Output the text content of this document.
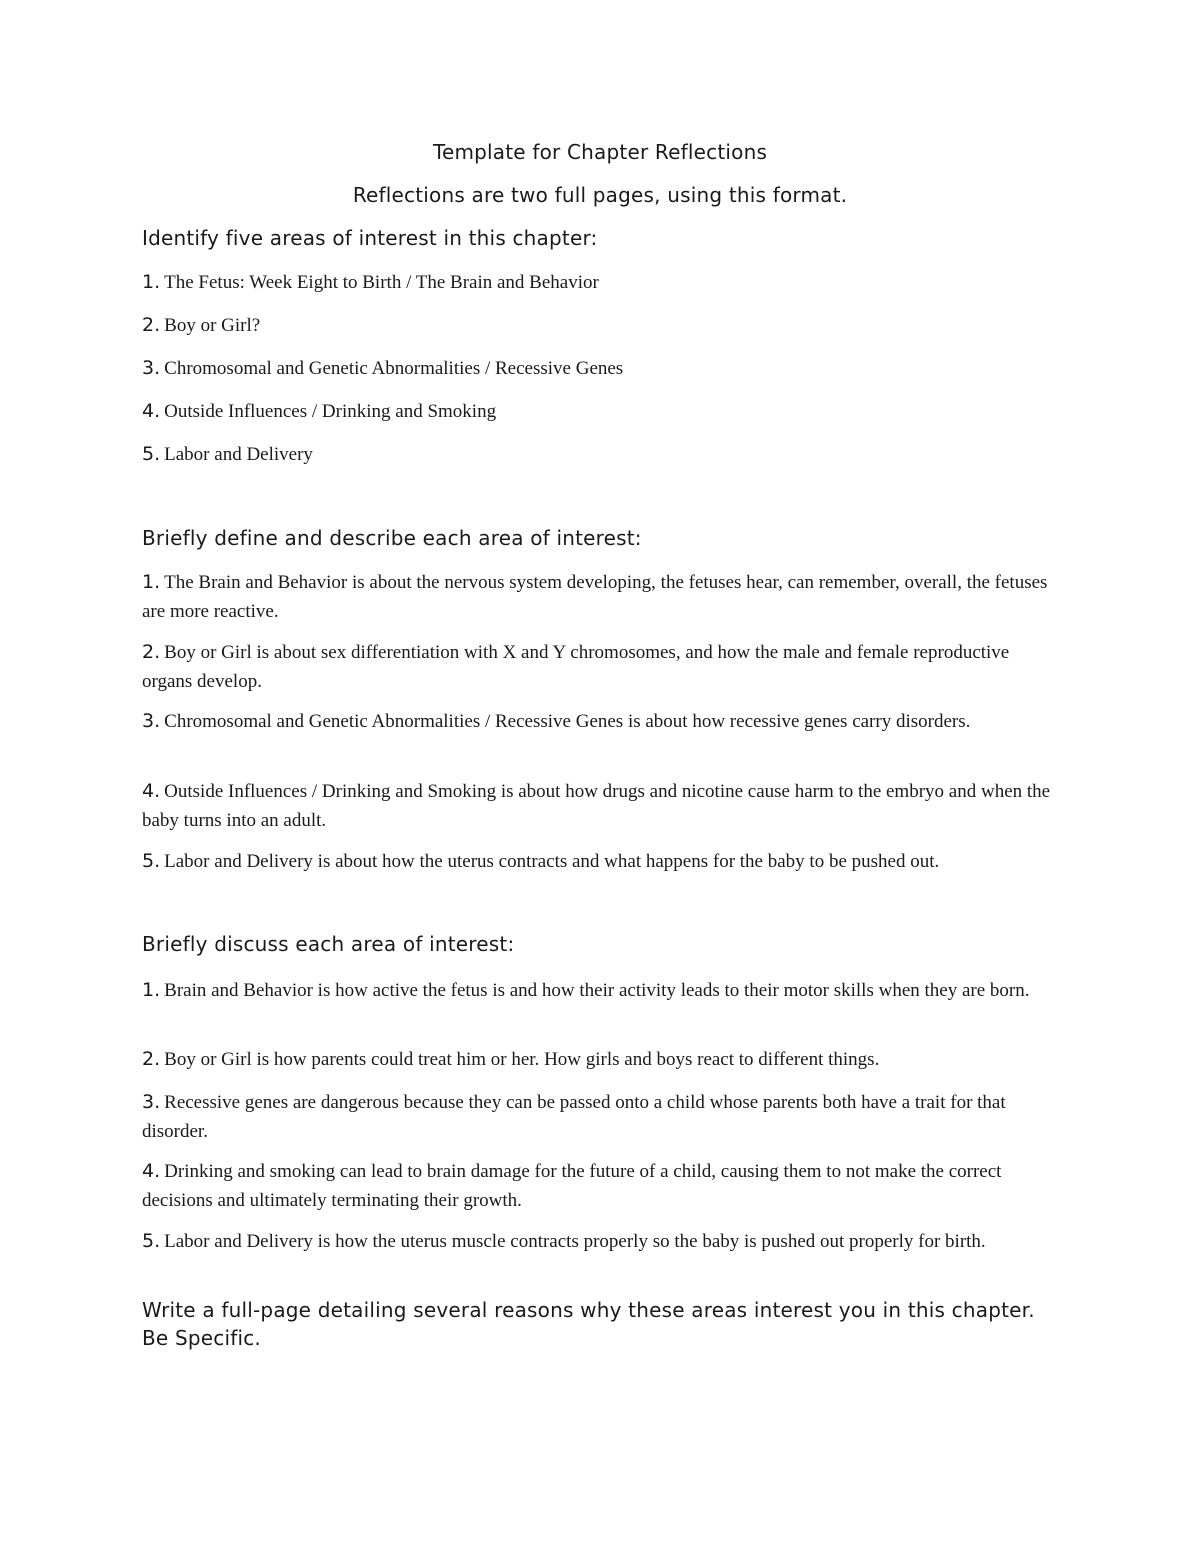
Template for Chapter Reflections
Reflections are two full pages, using this format.
Identify five areas of interest in this chapter:
1. The Fetus: Week Eight to Birth / The Brain and Behavior
2. Boy or Girl?
3. Chromosomal and Genetic Abnormalities / Recessive Genes
4. Outside Influences / Drinking and Smoking
5. Labor and Delivery
Briefly define and describe each area of interest:
1. The Brain and Behavior is about the nervous system developing, the fetuses hear, can remember, overall, the fetuses are more reactive.
2. Boy or Girl is about sex differentiation with X and Y chromosomes, and how the male and female reproductive organs develop.
3. Chromosomal and Genetic Abnormalities / Recessive Genes is about how recessive genes carry disorders.
4. Outside Influences / Drinking and Smoking is about how drugs and nicotine cause harm to the embryo and when the baby turns into an adult.
5. Labor and Delivery is about how the uterus contracts and what happens for the baby to be pushed out.
Briefly discuss each area of interest:
1. Brain and Behavior is how active the fetus is and how their activity leads to their motor skills when they are born.
2. Boy or Girl is how parents could treat him or her. How girls and boys react to different things.
3. Recessive genes are dangerous because they can be passed onto a child whose parents both have a trait for that disorder.
4. Drinking and smoking can lead to brain damage for the future of a child, causing them to not make the correct decisions and ultimately terminating their growth.
5. Labor and Delivery is how the uterus muscle contracts properly so the baby is pushed out properly for birth.
Write a full-page detailing several reasons why these areas interest you in this chapter. Be Specific.
